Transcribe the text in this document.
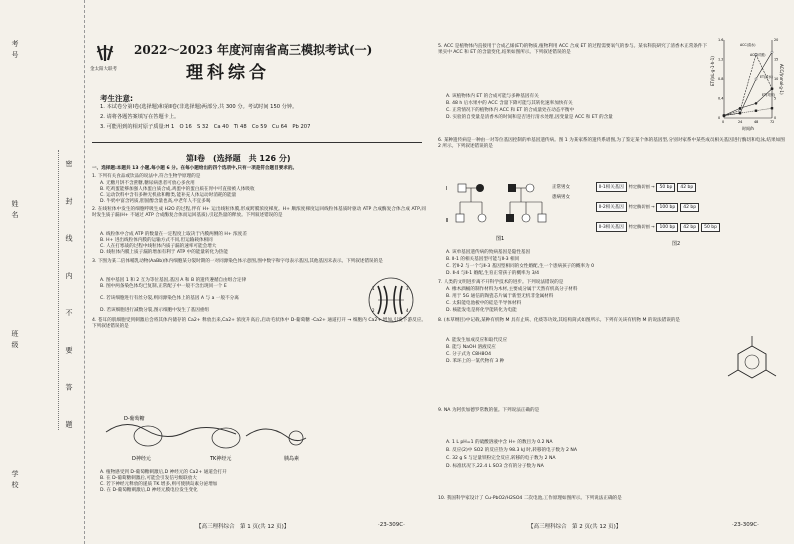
考号
姓名
班级
学校
密 封 线 内 不 要 答 题
金太阳大联考
2022～2023 年度河南省高三模拟考试(一)
理科综合
考生注意:
1. 本试卷分第Ⅰ卷(选择题)和第Ⅱ卷(非选择题)两部分,共 300 分。考试时间 150 分钟。
2. 请将各题答案填写在答题卡上。
3. 可能用到的相对原子质量:H 1　O 16　S 32　Ca 40　Ti 48　Co 59　Cu 64　Pb 207
第Ⅰ卷　(选择题　共 126 分)
一、选择题:本题共 13 小题,每小题 6 分。在每小题给出的四个选项中,只有一项是符合题目要求的。
1. 下列有关食品或饮品的说法中,符合生物学原理的是
A. 无糖月饼不含蔗糖,糖尿病患者可放心多食用
B. 吃鸡蛋能够加强人体蛋白质合成,鸡蛋中的蛋白质在胃中可直接被人体吸收
C. 运动饮料中含有多种无机盐和糖类,能补充人体运动时消耗的能量
D. 牛奶中富含钙质,胆固醇含量也高,中老年人不宜多喝
2. 在线粒体中发生的细胞呼吸生成 H2O 的过程,伴有 H+ 运出线粒体膜,形成跨膜浓度梯度。H+ 顺浓度梯度运回线粒体基质时驱动 ATP 合成酶复合体合成 ATP,同时发生质子漏(H+ 不通过 ATP 合成酶复合体而运回基质),引起热量的释放。下列叙述错误的是
A. 线粒体中合成 ATP 的数量在一定程度上取决于内膜两侧的 H+ 浓度差
B. H+ 进出线粒体内膜的运输方式不同,但运输载体相同
C. 人在打寒战的过程中线粒体内质子漏的速率可能会增大
D. 线粒体内膜上质子漏的增加有利于 ATP 中的能量转化为热能
3. 下图为某二倍体哺乳动物(AaBb)体内细胞某分裂时期的一对同源染色体示意图,图中数字和字母表示基因,其他基因未表示。下列叙述错误的是
A. 图中基因 1 和 2 互为等位基因,基因 A 和 B 的遗传遵循自由组合定律
B. 图中两条染色体均已复制,正常配子中一般不含出现同一个 E
C. 若该细胞进行有丝分裂,则同源染色体上的基因 A 与 a 一般不分离
D. 若该细胞进行减数分裂,图示细胞中发生了基因重组
1
2
3
4
4. 苍耳的肌细胞受到刺激后会将其体内储存的 Ca2+ 释放出来,Ca2+ 浓度升高后,启动毛状体中 D-葡萄糖 -Ca2+ 通道打开 → 细胞内 Ca2+ 增加,引发下游反应。下列叙述错误的是
D-葡萄糖
D神经元	TK神经元	胰岛素
A. 植物感受到 D-葡萄糖刺激后,D 神经元的 Ca2+ 通道会打开
B. 在 D-葡萄糖刺激后,可能会引发信号级联放大
C. 若下神经元释放的递质 TK 增多,则可使胰岛素分泌增加
D. 在 D-葡萄糖刺激后,D 神经元膜电位发生变化
【高三理科综合　第 1 页(共 12 页)】	·23-309C·
5. ACC 是植物体内直接用于合成乙烯(ET)的物质,植物利用 ACC 合成 ET 的过程需要氧气的参与。某农科院研究了清香木正常条件下果实中 ACC 和 ET 的含量变化,结果如图所示。下列叙述错误的是
A. 该植物体内 ET 的合成可能与多种基因有关
B. 48 h 后水果中的 ACC 含量下降可能与其转化速率加快有关
C. 正常情况下的植物体内 ACC 和 ET 的合成量处在动态平衡中
D. 实验的自变量是清香木的时间和是否进行清水处理,因变量是 ACC 和 ET 的含量
ET/(nL·g-1·h-1)	ACC/(nmol·g-1)
时间/h
0
0.4
0.8
1.2
1.6
0
5
10
15
20
0	24	48	72
ACC(清水)
ACC(对照)
ET(清水)
ET(对照)
6. 某种遗传病是一种由一对等位基因控制的单基因遗传病。图 1 为某家系的遗传系谱图,为了鉴定某个体的基因型,分别对家系中某些成员相关基因进行酶切和电泳,结果如图 2 所示。下列叙述错误的是
Ⅰ
Ⅱ
正常男女
患病男女
图1
Ⅱ-1相关基因	特定酶切割 →	50 bp	42 bp
Ⅱ-2相关基因	特定酶切割 →	100 bp	42 bp
Ⅱ-3相关基因	特定酶切割 →	100 bp	42 bp	50 bp
图2
A. 该单基因遗传病的致病基因是隐性基因
B. Ⅱ-1 的相关基因型可能与Ⅱ-3 相同
C. 若Ⅱ-2 与一个与Ⅱ-3 基因型相同的女性婚配,生一个患病孩子的概率为 0
D. Ⅱ-4 与Ⅱ-1 婚配,生育正常孩子的概率为 3/4
7. 人类的文明进步离不开科学技术的进步。下列说法错误的是
A. 橡木酒桶的制作材料为木材,主要成分属于天然有机高分子材料
B. 用于 5G 通信的陶瓷芯片属于新型无机非金属材料
C. 太阳能电池板中的硅是半导体材料
D. 核能发电是将化学能转化为电能
8. (本草纲目)中记载,某种有机物 M 具有止咳、化痰等功效,其结构简式如图所示。下列有关该有机物 M 的说法错误的是
A. 能发生加成反应和取代反应
B. 能与 NaOH 溶液反应
C. 分子式为 C8H8O4
D. 苯环上的一氯代物有 3 种
9. NA 为阿伏加德罗常数的值。下列说法正确的是
A. 1 L pH=1 的硫酸溶液中含 H+ 的数目为 0.2 NA
B. 反应(2)中 SO2 的反应热为 98.3 kJ 时,转移的电子数为 2 NA
C. 32 g S 与足量铁粉完全反应,转移的电子数为 2 NA
D. 标准状况下,22.4 L SO3 含有的分子数为 NA
10. 我国科学家设计了 Cu-PbO2/H2SO4 二次电池,工作原理如图所示。下列说法正确的是
【高三理科综合　第 2 页(共 12 页)】	·23-309C·
